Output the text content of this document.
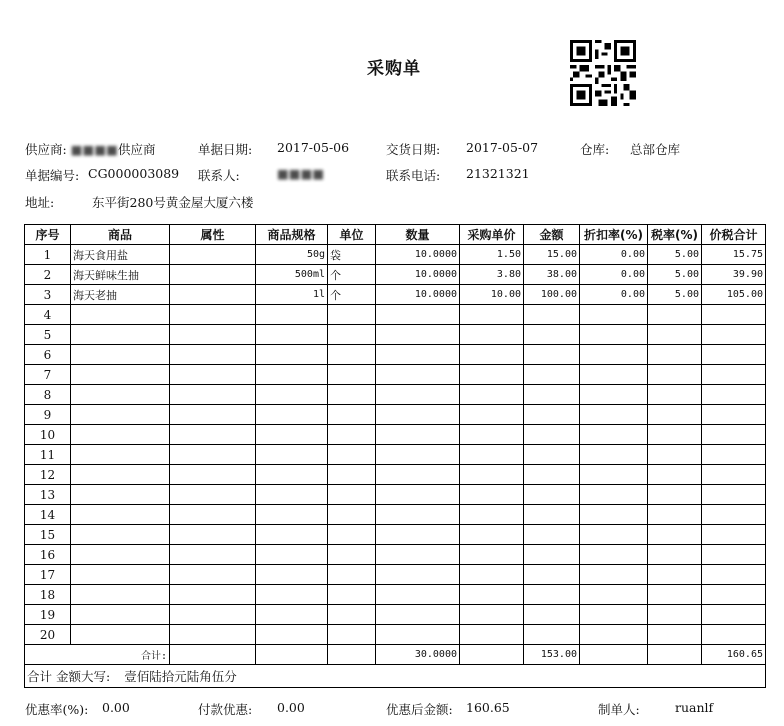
采购单
供应商: ■■■■供应商	单据日期: 2017-05-06	交货日期: 2017-05-07	仓库: 总部仓库
单据编号: CG000003089 联系人:	■■■■	联系电话: 21321321
地址:	东平街280号黄金屋大厦六楼
序号	商品	属性	商品规格	单位	数量	采购单价	金额	折扣率(%)	税率(%)	价税合计
1	海天食用盐		50g	袋	10.0000	1.50	15.00	0.00	5.00	15.75
2	海天鲜味生抽		500ml	个	10.0000	3.80	38.00	0.00	5.00	39.90
3	海天老抽		1l	个	10.0000	10.00	100.00	0.00	5.00	105.00
4										
5										
6										
7										
8										
9										
10										
11										
12										
13										
14										
15										
16										
17										
18										
19										
20										
合计:					30.0000		153.00			160.65
合计 金额大写: 壹佰陆拾元陆角伍分										
优惠率(%): 0.00	付款优惠: 0.00	优惠后金额: 160.65	制单人:	ruanlf
